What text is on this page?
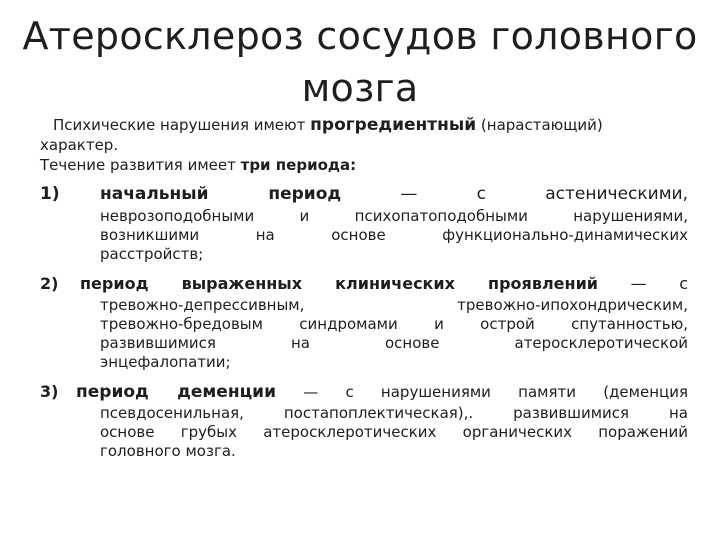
Атеросклероз сосудов головного мозга
Психические нарушения имеют прогредиентный (нарастающий)
характер.
Течение развития имеет три периода:
1)	начальный период — с астеническими,
неврозоподобными и психопатоподобными нарушениями,
возникшими на основе функционально-динамических
расстройств;
2)	период выраженных клинических проявлений — с
тревожно-депрессивным, тревожно-ипохондрическим,
тревожно-бредовым синдромами и острой спутанностью,
развившимися на основе атеросклеротической
энцефалопатии;
3)	период деменции — с нарушениями памяти (деменция
псевдосенильная, постапоплектическая),. развившимися на
основе грубых атеросклеротических органических поражений
головного мозга.
